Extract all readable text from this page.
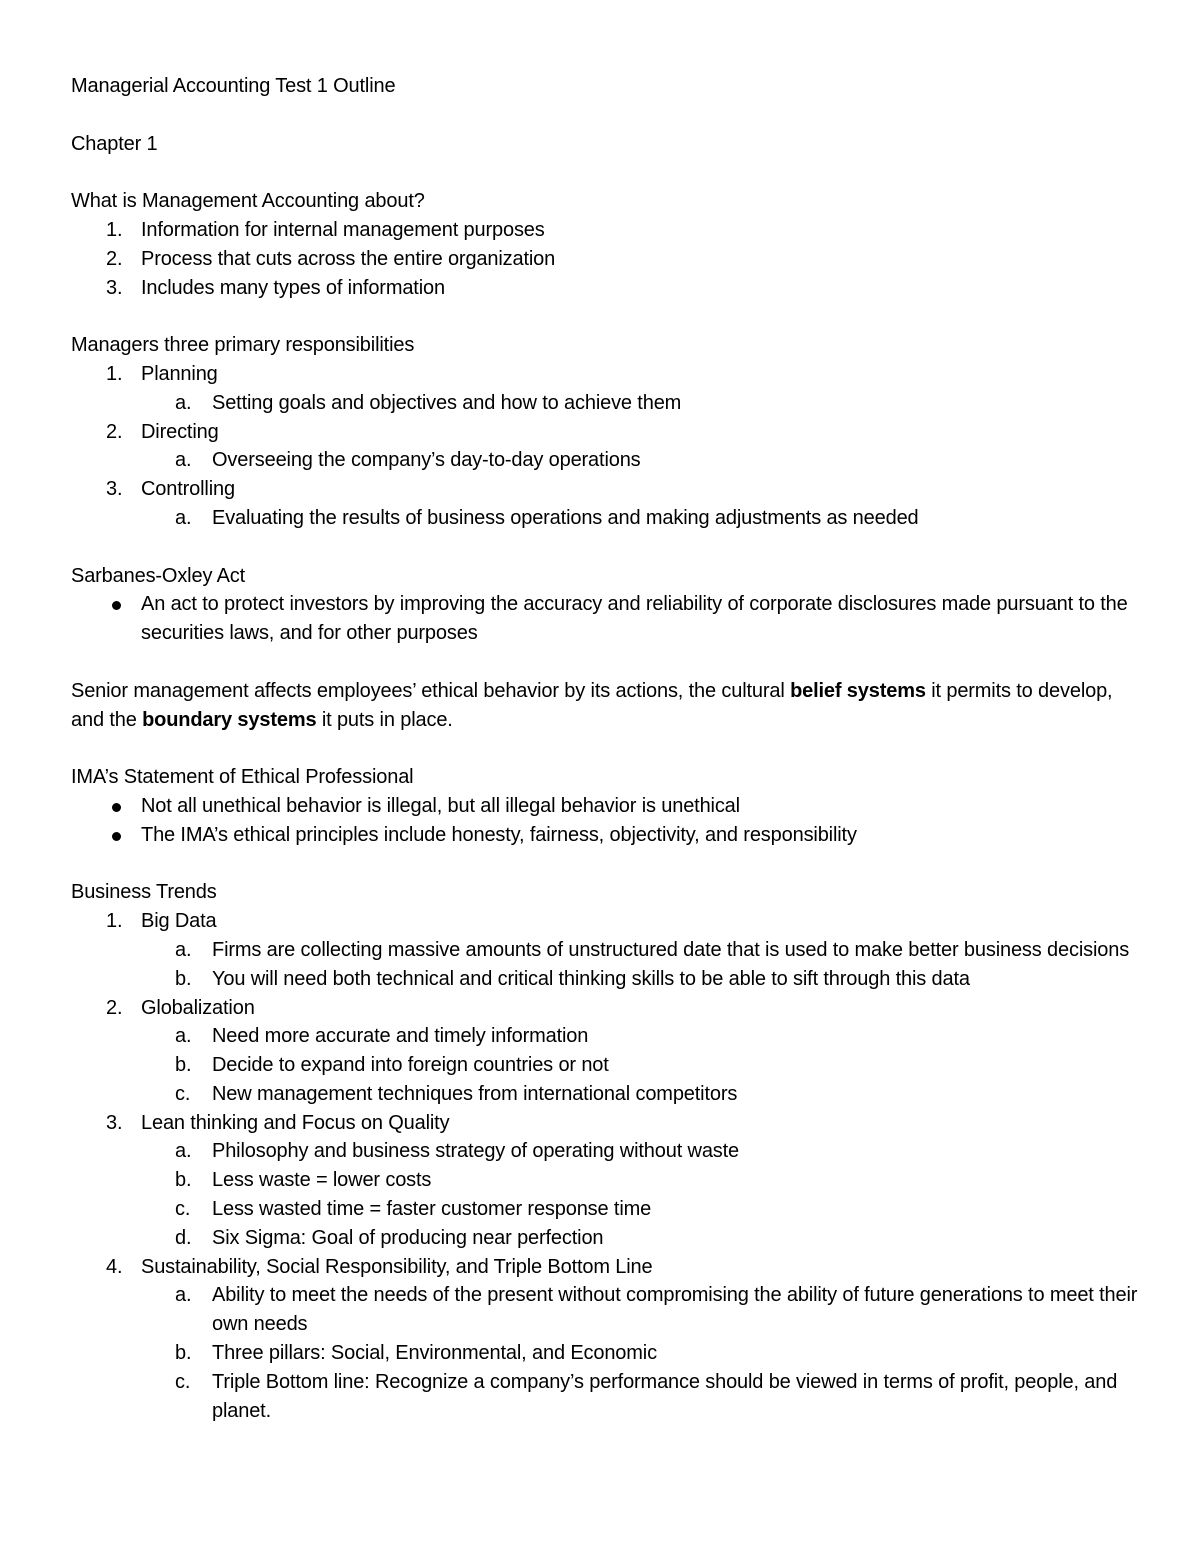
Managerial Accounting Test 1 Outline
Chapter 1
What is Management Accounting about?
1. Information for internal management purposes
2. Process that cuts across the entire organization
3. Includes many types of information
Managers three primary responsibilities
1. Planning
a. Setting goals and objectives and how to achieve them
2. Directing
a. Overseeing the company’s day-to-day operations
3. Controlling
a. Evaluating the results of business operations and making adjustments as needed
Sarbanes-Oxley Act
An act to protect investors by improving the accuracy and reliability of corporate disclosures made pursuant to the securities laws, and for other purposes
Senior management affects employees’ ethical behavior by its actions, the cultural belief systems it permits to develop, and the boundary systems it puts in place.
IMA’s Statement of Ethical Professional
Not all unethical behavior is illegal, but all illegal behavior is unethical
The IMA’s ethical principles include honesty, fairness, objectivity, and responsibility
Business Trends
1. Big Data
a. Firms are collecting massive amounts of unstructured date that is used to make better business decisions
b. You will need both technical and critical thinking skills to be able to sift through this data
2. Globalization
a. Need more accurate and timely information
b. Decide to expand into foreign countries or not
c. New management techniques from international competitors
3. Lean thinking and Focus on Quality
a. Philosophy and business strategy of operating without waste
b. Less waste = lower costs
c. Less wasted time = faster customer response time
d. Six Sigma: Goal of producing near perfection
4. Sustainability, Social Responsibility, and Triple Bottom Line
a. Ability to meet the needs of the present without compromising the ability of future generations to meet their own needs
b. Three pillars: Social, Environmental, and Economic
c. Triple Bottom line: Recognize a company’s performance should be viewed in terms of profit, people, and planet.
